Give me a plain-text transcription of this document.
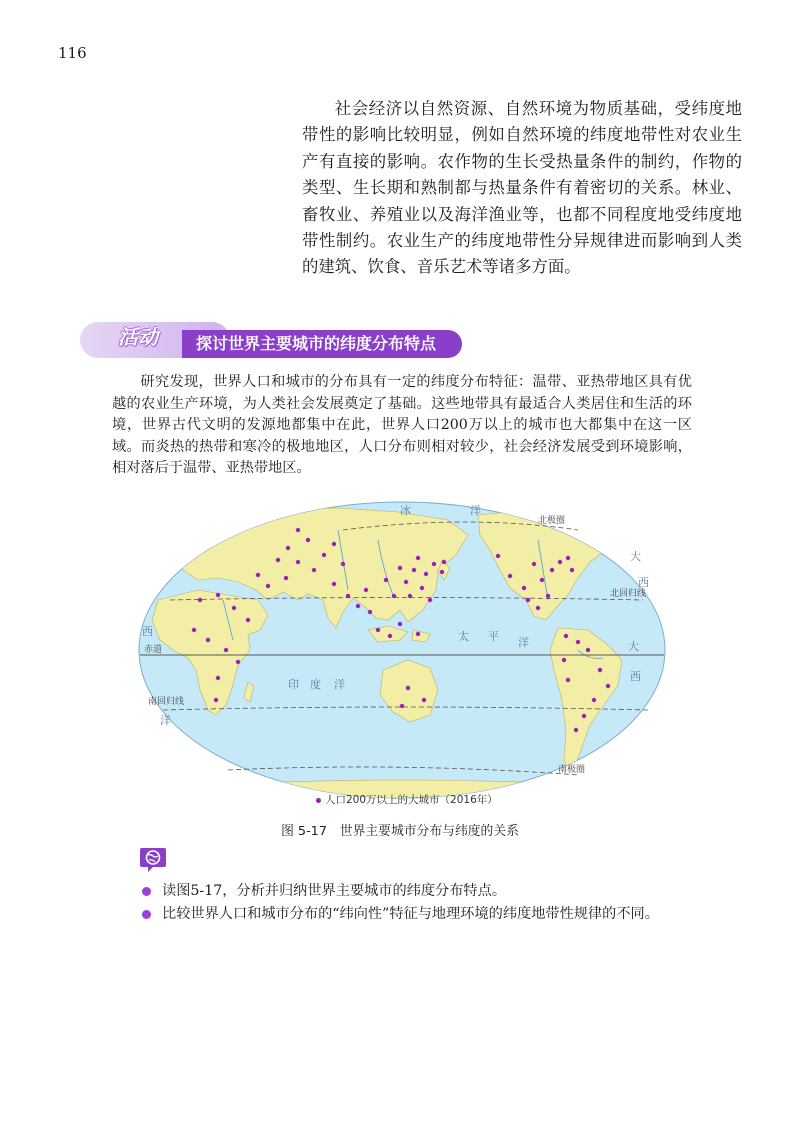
116

社会经济以自然资源、自然环境为物质基础，受纬度地带性的影响比较明显，例如自然环境的纬度地带性对农业生产有直接的影响。农作物的生长受热量条件的制约，作物的类型、生长期和熟制都与热量条件有着密切的关系。林业、畜牧业、养殖业以及海洋渔业等，也都不同程度地受纬度地带性制约。农业生产的纬度地带性分异规律进而影响到人类的建筑、饮食、音乐艺术等诸多方面。

活动	探讨世界主要城市的纬度分布特点

研究发现，世界人口和城市的分布具有一定的纬度分布特征：温带、亚热带地区具有优越的农业生产环境，为人类社会发展奠定了基础。这些地带具有最适合人类居住和生活的环境，世界古代文明的发源地都集中在此，世界人口200万以上的城市也大都集中在这一区域。而炎热的热带和寒冷的极地地区，人口分布则相对较少，社会经济发展受到环境影响，相对落后于温带、亚热带地区。

北极圈
北回归线
赤道
南回归线
南极圈
冰	洋
太 平 洋
印 度 洋
大
西
西
洋
大
西
人口200万以上的大城市（2016年）
图 5-17　世界主要城市分布与纬度的关系
读图5-17，分析并归纳世界主要城市的纬度分布特点。
比较世界人口和城市分布的“纬向性”特征与地理环境的纬度地带性规律的不同。
